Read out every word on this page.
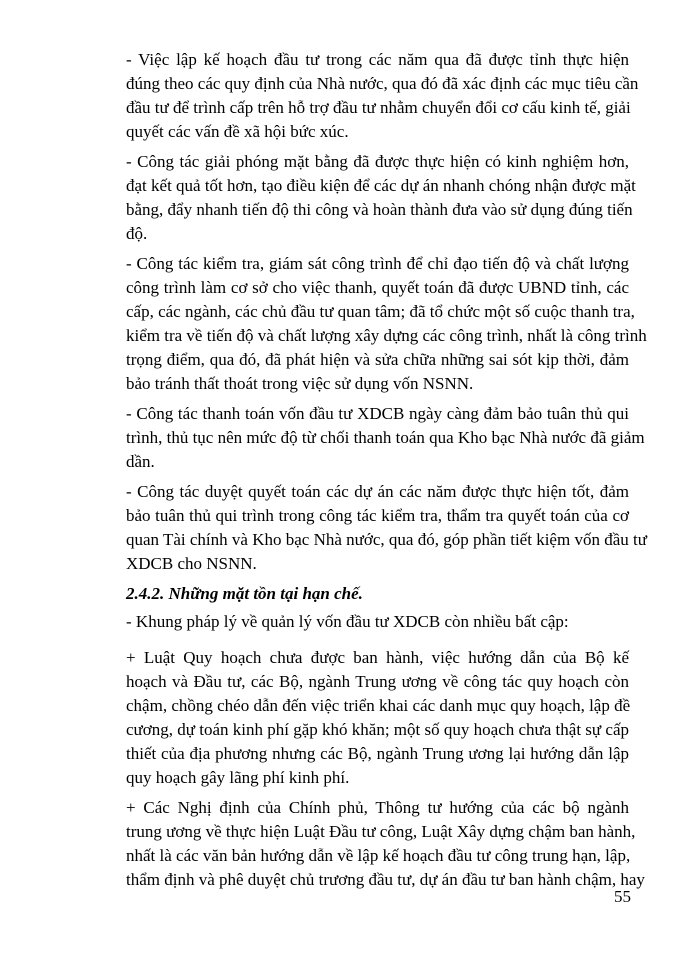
- Việc lập kế hoạch đầu tư trong các năm qua đã được tỉnh thực hiện
đúng theo các quy định của Nhà nước, qua đó đã xác định các mục tiêu cần
đầu tư để trình cấp trên hỗ trợ đầu tư nhằm chuyển đổi cơ cấu kinh tế, giải
quyết các vấn đề xã hội bức xúc.
- Công tác giải phóng mặt bằng đã được thực hiện có kinh nghiệm hơn,
đạt kết quả tốt hơn, tạo điều kiện để các dự án nhanh chóng nhận được mặt
bằng, đẩy nhanh tiến độ thi công và hoàn thành đưa vào sử dụng đúng tiến
độ.
- Công tác kiểm tra, giám sát công trình để chỉ đạo tiến độ và chất lượng
công trình làm cơ sở cho việc thanh, quyết toán đã được UBND tỉnh, các
cấp, các ngành, các chủ đầu tư quan tâm; đã tổ chức một số cuộc thanh tra,
kiểm tra về tiến độ và chất lượng xây dựng các công trình, nhất là công trình
trọng điểm, qua đó, đã phát hiện và sửa chữa những sai sót kịp thời, đảm
bảo tránh thất thoát trong việc sử dụng vốn NSNN.
- Công tác thanh toán vốn đầu tư XDCB ngày càng đảm bảo tuân thủ qui
trình, thủ tục nên mức độ từ chối thanh toán qua Kho bạc Nhà nước đã giảm
dần.
- Công tác duyệt quyết toán các dự án các năm được thực hiện tốt, đảm
bảo tuân thủ qui trình trong công tác kiểm tra, thẩm tra quyết toán của cơ
quan Tài chính và Kho bạc Nhà nước, qua đó, góp phần tiết kiệm vốn đầu tư
XDCB cho NSNN.
2.4.2. Những mặt tồn tại hạn chế.
- Khung pháp lý về quản lý vốn đầu tư XDCB còn nhiều bất cập:
+ Luật Quy hoạch chưa được ban hành, việc hướng dẫn của Bộ kế
hoạch và Đầu tư, các Bộ, ngành Trung ương về công tác quy hoạch còn
chậm, chồng chéo dẫn đến việc triển khai các danh mục quy hoạch, lập đề
cương, dự toán kinh phí gặp khó khăn; một số quy hoạch chưa thật sự cấp
thiết của địa phương nhưng các Bộ, ngành Trung ương lại hướng dẫn lập
quy hoạch gây lãng phí kinh phí.
+ Các Nghị định của Chính phủ, Thông tư hướng của các bộ ngành
trung ương về thực hiện Luật Đầu tư công, Luật Xây dựng chậm ban hành,
nhất là các văn bản hướng dẫn về lập kế hoạch đầu tư công trung hạn, lập,
thẩm định và phê duyệt chủ trương đầu tư, dự án đầu tư ban hành chậm, hay
55
